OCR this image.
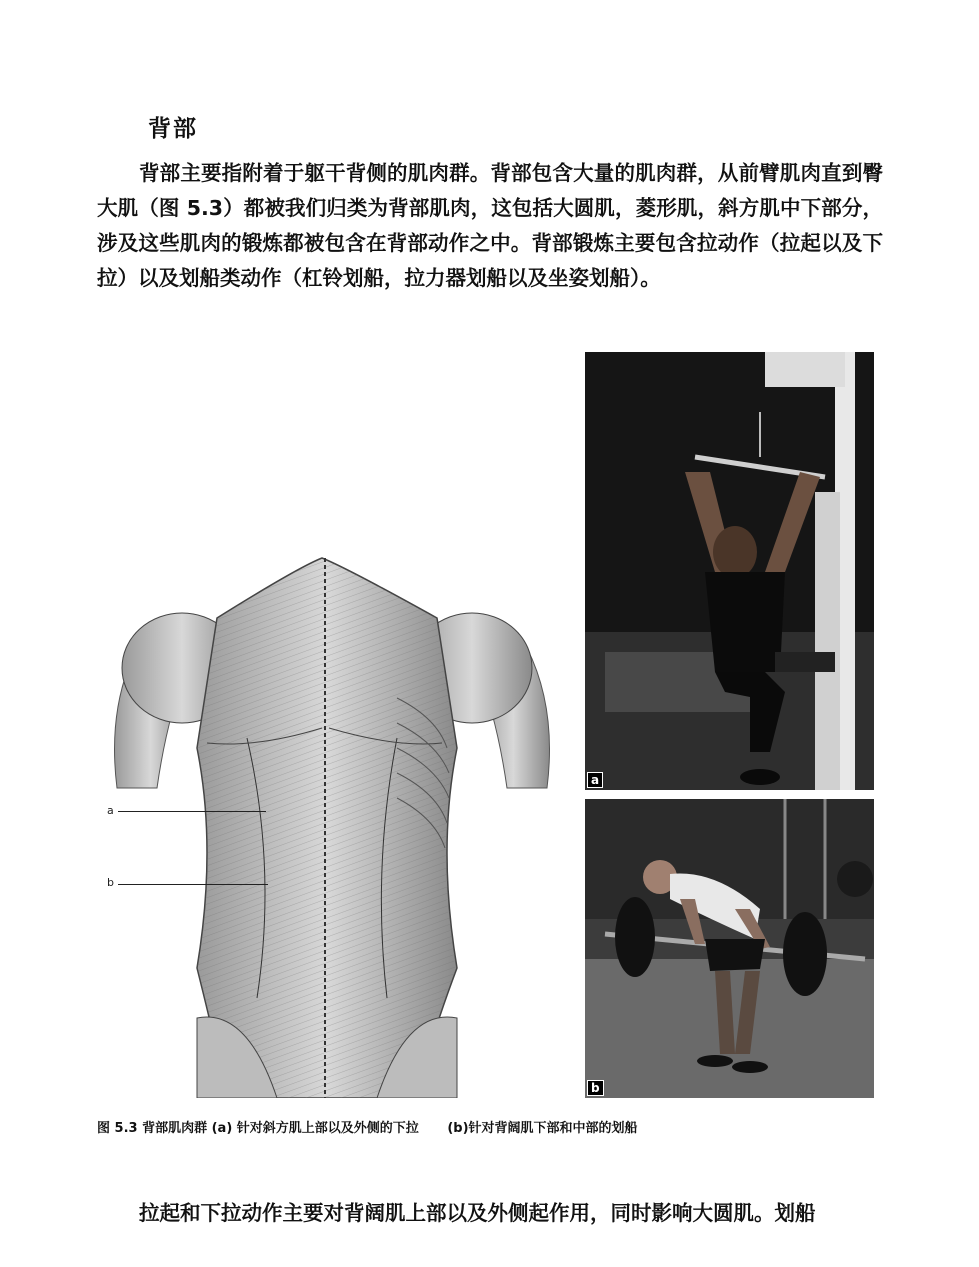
背部
背部主要指附着于躯干背侧的肌肉群。背部包含大量的肌肉群，从前臂肌肉直到臀大肌（图 5.3）都被我们归类为背部肌肉，这包括大圆肌，菱形肌，斜方肌中下部分，涉及这些肌肉的锻炼都被包含在背部动作之中。背部锻炼主要包含拉动作（拉起以及下拉）以及划船类动作（杠铃划船，拉力器划船以及坐姿划船）。
a
b
a
b
图 5.3 背部肌肉群 (a) 针对斜方肌上部以及外侧的下拉 (b)针对背阔肌下部和中部的划船
拉起和下拉动作主要对背阔肌上部以及外侧起作用，同时影响大圆肌。划船
